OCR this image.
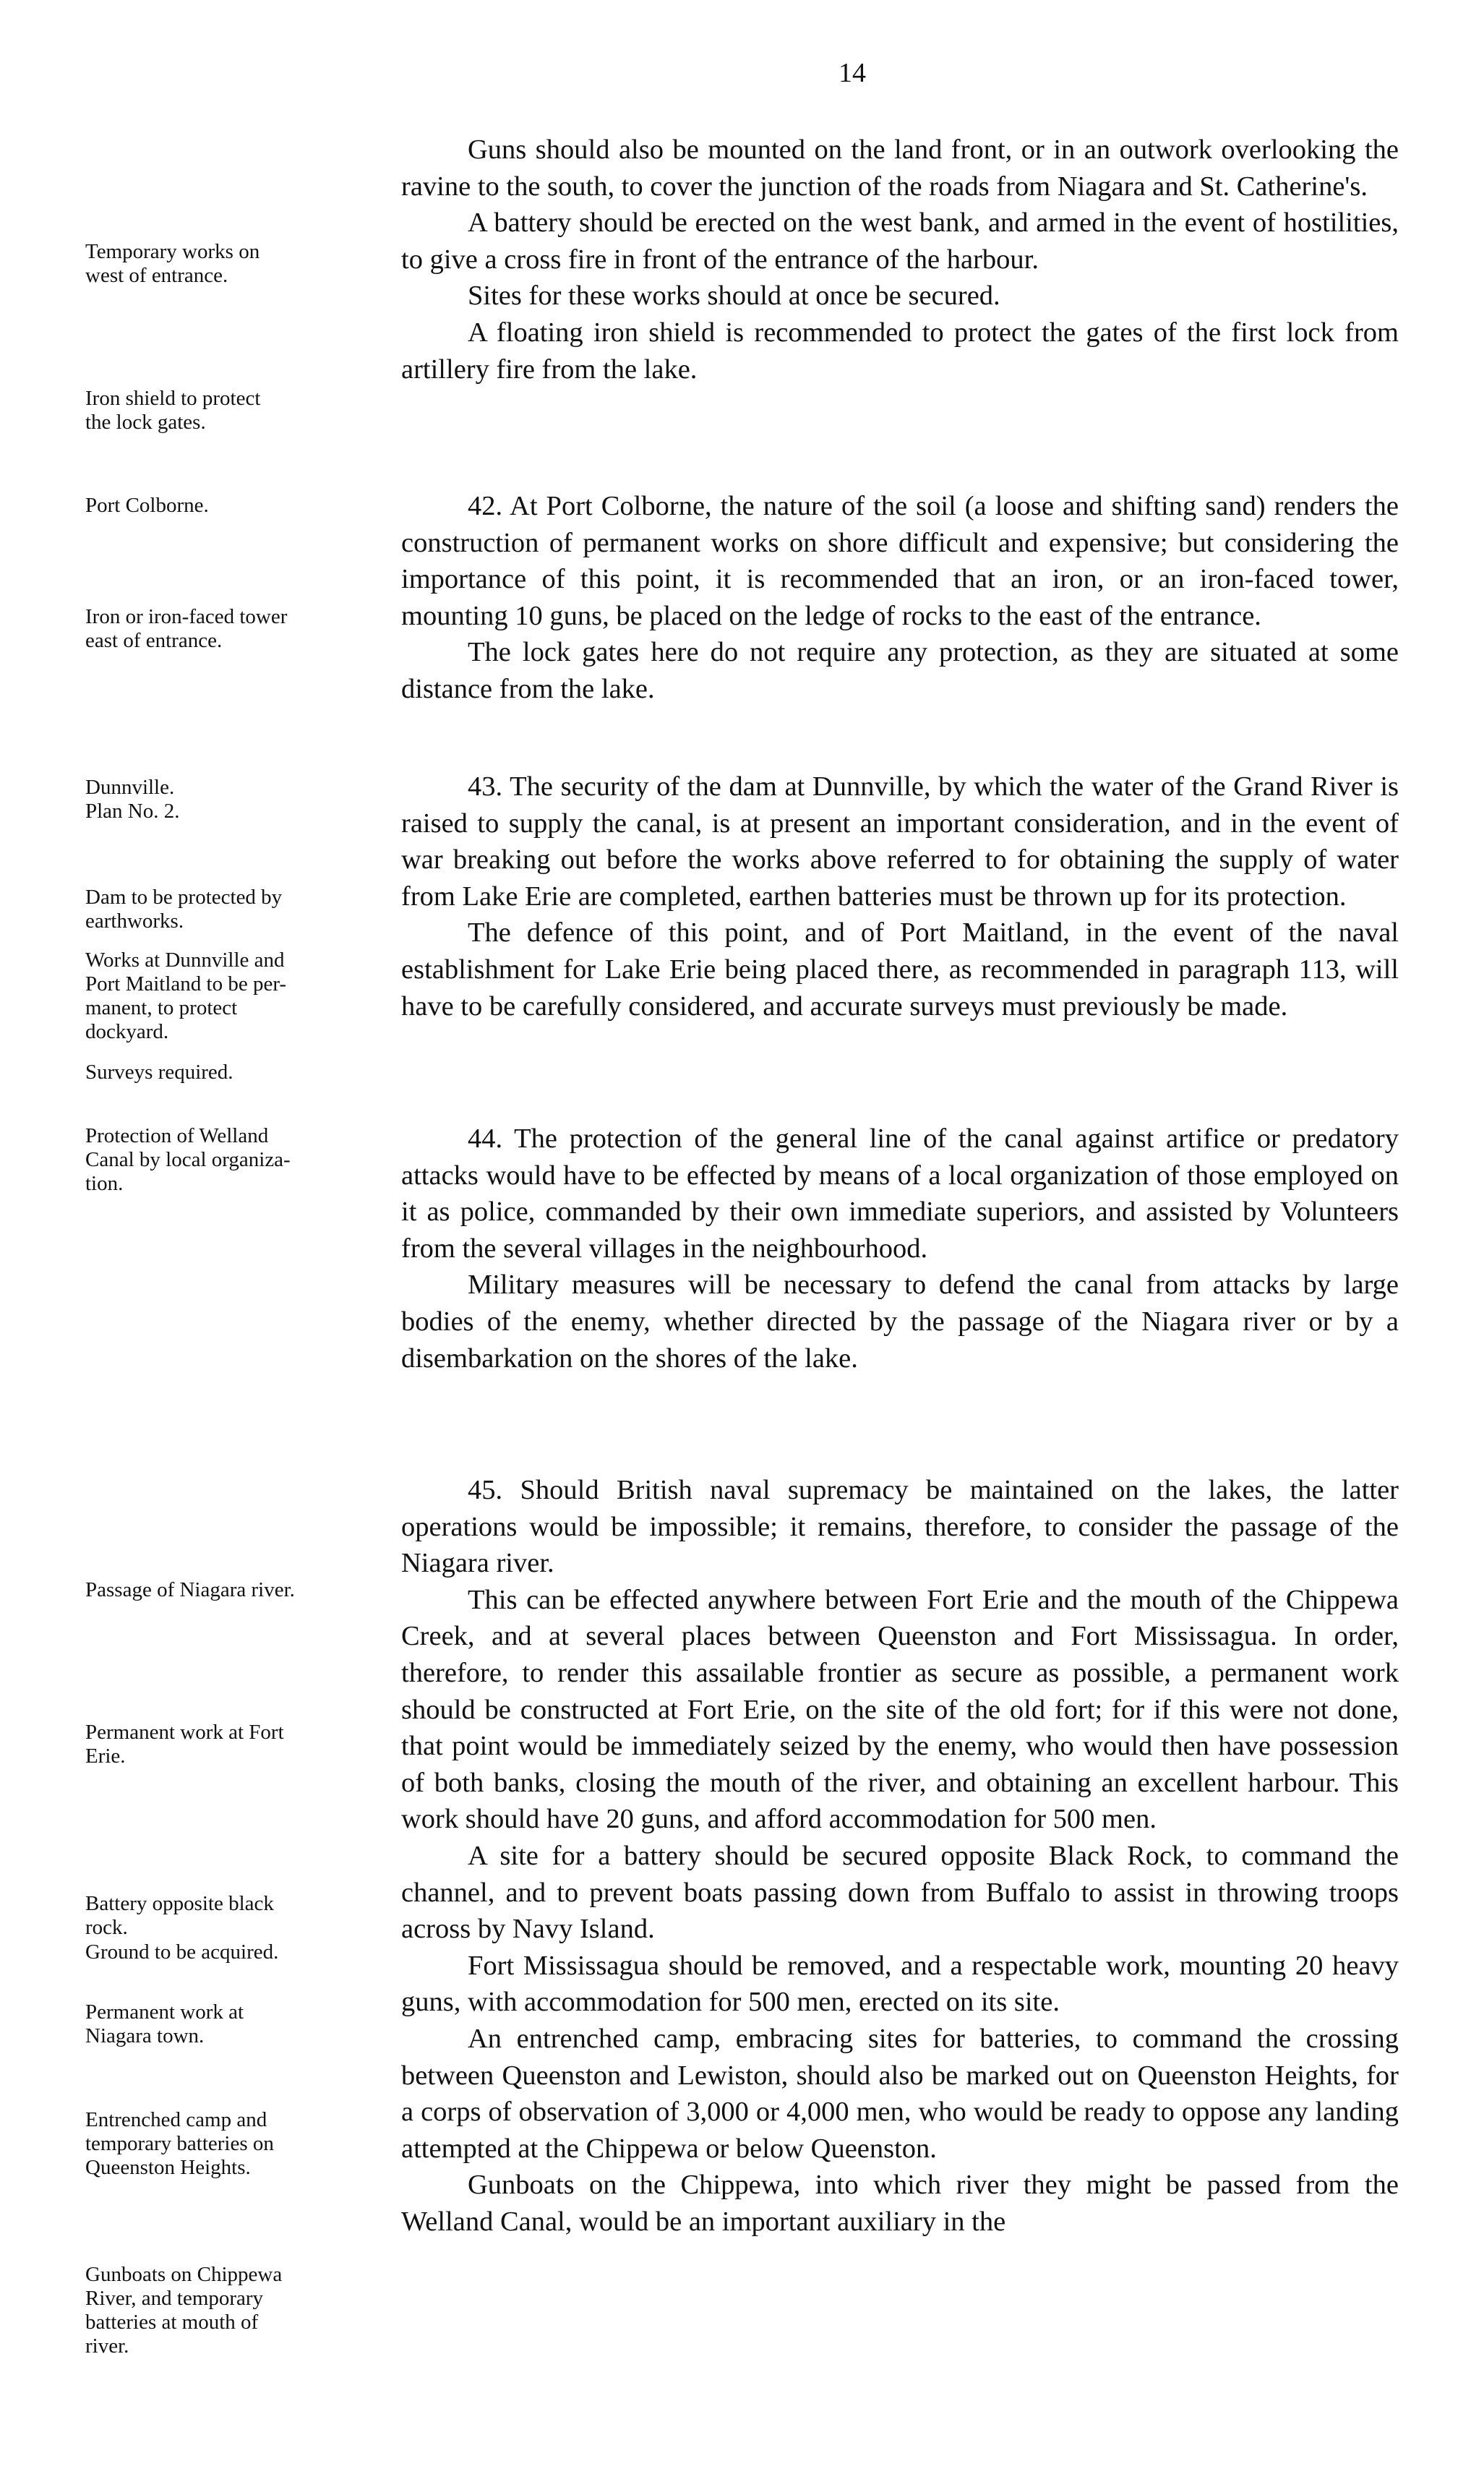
14
Temporary works on
west of entrance.
Iron shield to protect
the lock gates.
Port Colborne.
Iron or iron-faced tower
east of entrance.
Dunnville.
Plan No. 2.
Dam to be protected by
earthworks.
Works at Dunnville and
Port Maitland to be per-
manent, to protect
dockyard.
Surveys required.
Protection of Welland
Canal by local organiza-
tion.
Passage of Niagara river.
Permanent work at Fort
Erie.
Battery opposite black
rock.
Ground to be acquired.
Permanent work at
Niagara town.
Entrenched camp and
temporary batteries on
Queenston Heights.
Gunboats on Chippewa
River, and temporary
batteries at mouth of
river.

Guns should also be mounted on the land front, or in an outwork overlooking the ravine to the south, to cover the junction of the roads from Niagara and St. Catherine's.

A battery should be erected on the west bank, and armed in the event of hostilities, to give a cross fire in front of the entrance of the harbour.

Sites for these works should at once be secured.

A floating iron shield is recommended to protect the gates of the first lock from artillery fire from the lake.

42. At Port Colborne, the nature of the soil (a loose and shifting sand) renders the construction of permanent works on shore difficult and expensive; but considering the importance of this point, it is recommended that an iron, or an iron-faced tower, mounting 10 guns, be placed on the ledge of rocks to the east of the entrance.

The lock gates here do not require any protection, as they are situated at some distance from the lake.

43. The security of the dam at Dunnville, by which the water of the Grand River is raised to supply the canal, is at present an important consideration, and in the event of war breaking out before the works above referred to for obtaining the supply of water from Lake Erie are completed, earthen batteries must be thrown up for its protection.

The defence of this point, and of Port Maitland, in the event of the naval establishment for Lake Erie being placed there, as recommended in paragraph 113, will have to be carefully considered, and accurate surveys must previously be made.

44. The protection of the general line of the canal against artifice or predatory attacks would have to be effected by means of a local organization of those employed on it as police, commanded by their own immediate superiors, and assisted by Volunteers from the several villages in the neighbourhood.

Military measures will be necessary to defend the canal from attacks by large bodies of the enemy, whether directed by the passage of the Niagara river or by a disembarkation on the shores of the lake.

45. Should British naval supremacy be maintained on the lakes, the latter operations would be impossible; it remains, therefore, to consider the passage of the Niagara river.

This can be effected anywhere between Fort Erie and the mouth of the Chippewa Creek, and at several places between Queenston and Fort Mississagua. In order, therefore, to render this assailable frontier as secure as possible, a permanent work should be constructed at Fort Erie, on the site of the old fort; for if this were not done, that point would be immediately seized by the enemy, who would then have possession of both banks, closing the mouth of the river, and obtaining an excellent harbour. This work should have 20 guns, and afford accommodation for 500 men.

A site for a battery should be secured opposite Black Rock, to command the channel, and to prevent boats passing down from Buffalo to assist in throwing troops across by Navy Island.

Fort Mississagua should be removed, and a respectable work, mounting 20 heavy guns, with accommodation for 500 men, erected on its site.

An entrenched camp, embracing sites for batteries, to command the crossing between Queenston and Lewiston, should also be marked out on Queenston Heights, for a corps of observation of 3,000 or 4,000 men, who would be ready to oppose any landing attempted at the Chippewa or below Queenston.

Gunboats on the Chippewa, into which river they might be passed from the Welland Canal, would be an important auxiliary in the
